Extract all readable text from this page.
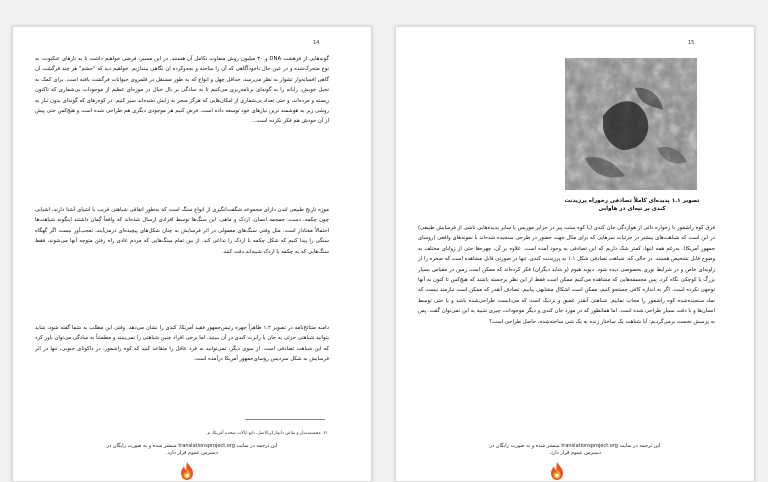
14
گونه‌هایی از فرهشت DNA و ۳۰ میلیون روش متفاوت تکامل آن هستند. در این مسیر، فرضی خواهیم داشت تا به تارهای عنکبوت، به نوع متحرک‌شده و در عین حال ناخودآگاهی که آن را ساخته و نجه‌وکرده ان نگاهی بیندازیم. خواهیم دید که "جشم" هر چند فرگشت آن گاهی افسانه‌وار تشوار به نظر می‌رسد، حداقل چهل و انواع که به طور مستقل در قلمروی حیوانات فرگشت یافته است. برای کمک به تخیل خویش، رایانه را به گونه‌ای برنامه‌ریزی می‌کنیم تا به سادگی بر بال خیال در موزه‌ای عظیم از موجودات بی‌شماری که تاکنون زیسته و مرده‌اند، و حتی تعداد بی‌شماری از امکان‌هایی که هرگز منجر به زایش نشده‌اند سیر کنیم. در کوه‌رهای که گونه‌ای بدون نیاز به روشی زیر به هوشمند ترین نیازهای خود توسعه داده است. فرض کنیم هر موجودی دیگری هم طراحی شده است و هیچ‌کس حتی پیش از آن خودش هم فکر نکرده است...
موزه تاریخ طبیعی لندن دارای مجموعه شگفت‌انگیزی از انواع سنگ است که به‌طور اتفاقی شباهتی قریب با اشیای آشنا دارند، اشیایی چون چکمه، دست، جمجمه انسان، اردک و ماهی. این سنگ‌ها توسط افرادی ارسال شده‌اند که واقعاً گمان داشتند اینگونه شباهت‌ها احتمالاً معنادار است. مثل وقتی سنگ‌های معمولی در اثر فرسایش به چنان شکل‌های پیچیده‌ای درمی‌آیند، تعجب‌آور نیست اگر گهگاه سنگی را پیدا کنیم که شکل چکمه یا اردک را تداعی کند. از بین تمام سنگ‌هایی که مردم عادی راه رفتن متوجه آنها می‌شوند، فقط سنگ‌هایی که به چکمه یا اردک شبیه‌اند دقت کنند.
دامنه منتاتخ‌نامه در تصویر ۱.۲ ظاهراً چهره رئیس‌جمهور فقید آمریکا، کندی را نشان می‌دهد. وقتی این مطلب به شما گفته شود، شاید بتوانید شباهتی جزئی به جان یا رابرت کندی در آن ببینید. اما برخی افراد چنین شباهتی را نمی‌بینند و مطمئناً به سادگی می‌توان باور کرد که این شباهت تصادفی است. از سوی دیگر، نمی‌توانید به فرد عاقل را متقاعد کنید که کوه راشمور، در داکوتای جنوبی، تنها در اثر فرسایش به شکل سردیس رؤسای‌جمهور آمریکا درآمده است.
۲۱. مجسمه‌ساز و نقاش دانمارکی‌الاصل، تابع ایالات متحده آمریکا، م.
این ترجمه در سایت translationsproject.org منتشر شده و به صورت رایگان در
دسترس عموم قرار دارد.
15
تصویر ۱.۱ پدیده‌ای کاملاً تصادفی رخوراه پرزیدنت کندی بر تپه‌ای در هاوایی
فرق کوه راشمور با زخواره دائی از هوازدگی جان کندی (یا کوه ستت پیر در جزایر موریس یا سایر پدیده‌هایی ناشی از فرسایش طبیعی) در این است که شباهت‌های بیشتر در جزئیات سرهایی که برای مثال جهت حضور در طرحی سنجیده شده‌اند با نمونه‌های واقعی (روسای جمهور آمریکا). به‌رغم همه اینها، کمتر شک داریم که این تصادفی به وجود آمده است. علاوه بر آن، چهره‌ها حتی از زوایای مختلف به وضوح قابل تشخیص هستند. در حالی که، شباهت تصادفی شکل ۱.۱ به پرزیدنت کندی، تنها در صورتی قابل مشاهده است که صخره را از زاویه‌ای خاص و در شرایط نوری بخصوصی دیده شود. دیوید هیوم (و شاید دیگران) فکر کرده‌اند که ممکن است زمین در مقیاس بسیار بزرگ یا کوچکی نگاه کرد. پس مجسمه‌هایی که مشاهده می‌کنیم ممکن است فقط از این نظر برجسته باشند که هیچ‌کس تا کنون به آنها توجهی نکرده است. اگر به اندازه کافی جستجو کنیم، ممکن است اشکال مشابهی بیابیم. تصادف آنقدر که ممکن است نیازمند نیست که نماد سنجیده‌شده کوه راشمور را مجاب نماییم. شباهتی آنقدر عمیق و نزدیک است که می‌بایست طراحی‌شده باشد و یا حتی توسط انسان‌ها و با دقت بسیار طراحی شده است. اما همانطور که در مورد جان کندی و دیگر موجودات، چیزی شبیه به این نمی‌توان گفت. پس به پرسش نخست برمی‌گردیم: آیا شباهت یک ساختار زنده به یک شی ساخته‌شده، حاصل طراحی است؟
این ترجمه در سایت translationsproject.org منتشر شده و به صورت رایگان در
دسترس عموم قرار دارد.
